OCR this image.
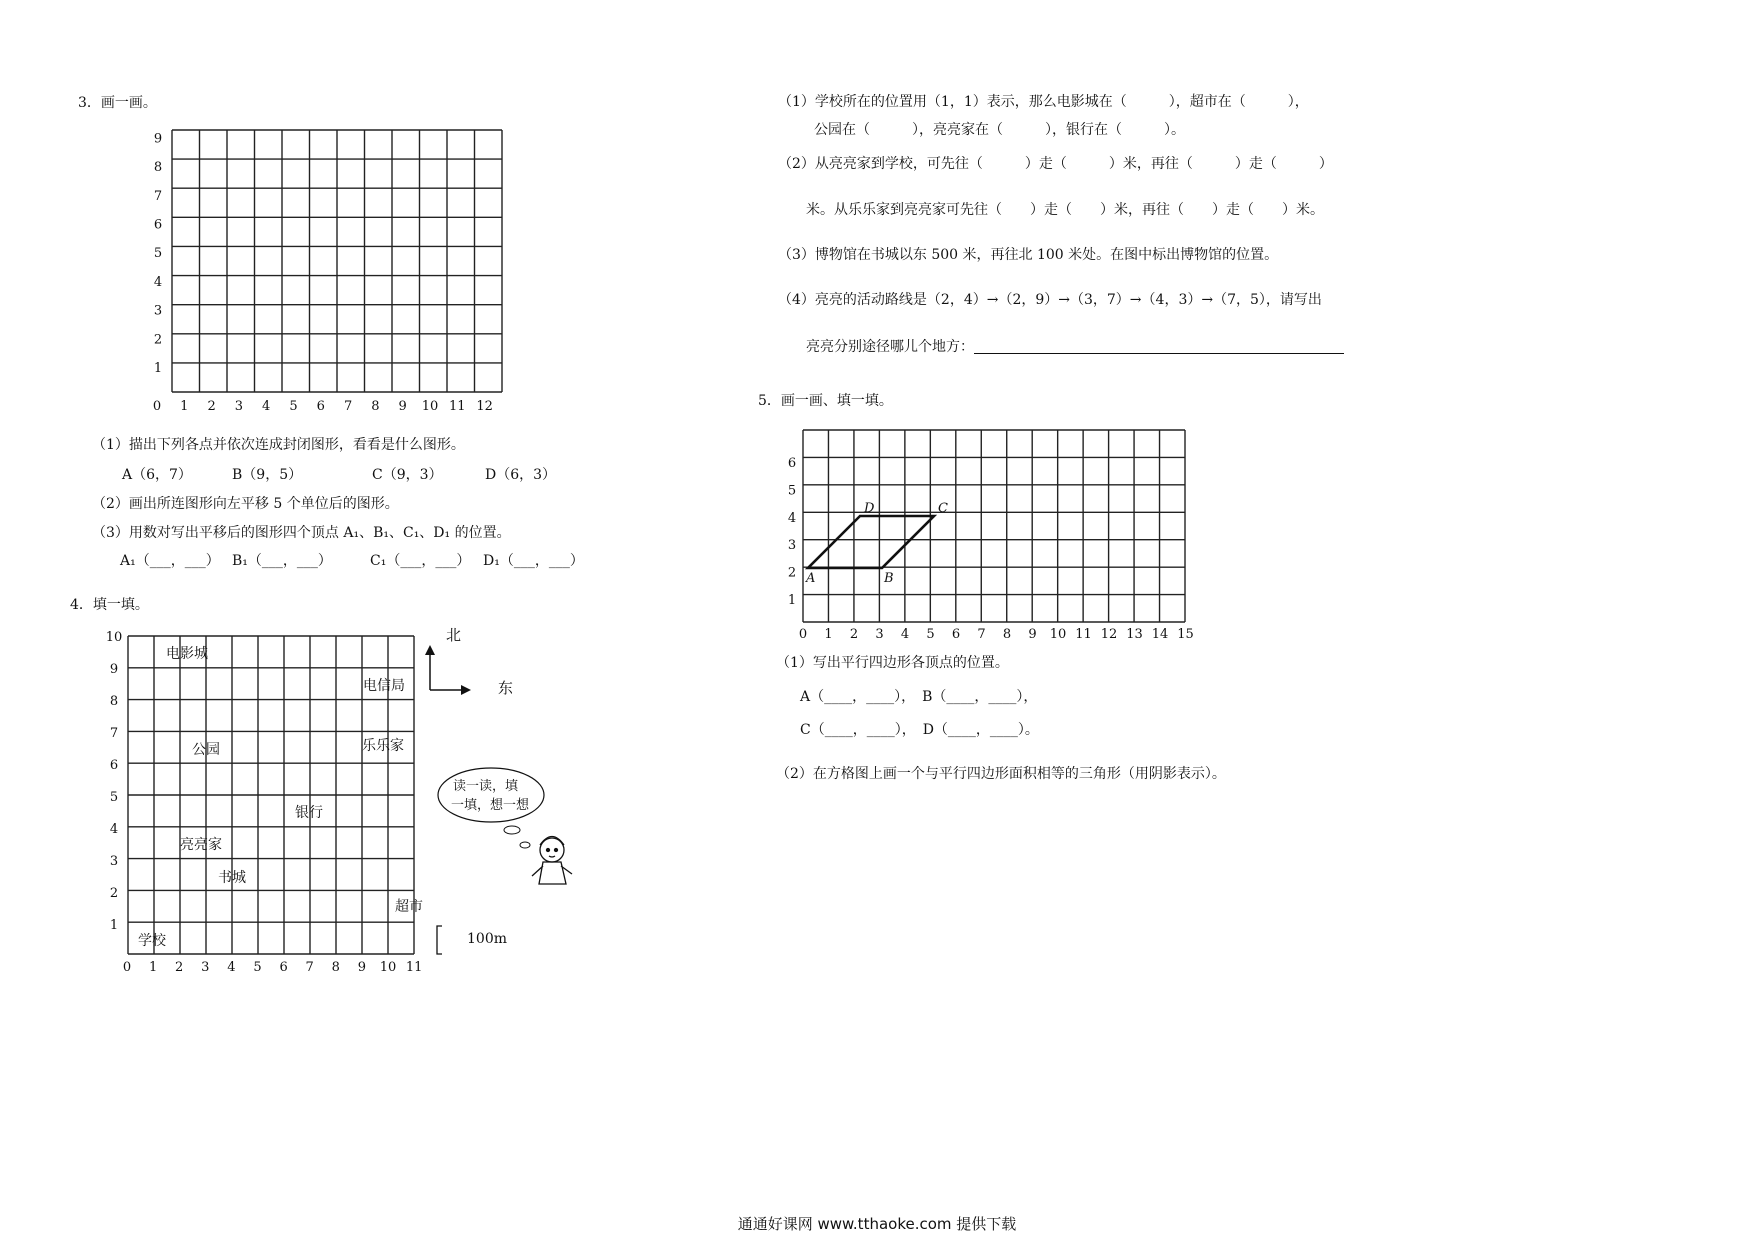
3．画一画。
0 1 2 3 4 5 6 7 8 9 10 11 12
1
2
3
4
5
6
7
8
9
（1）描出下列各点并依次连成封闭图形，看看是什么图形。
A（6，7）	B（9，5）	C（9，3）	D（6，3）
（2）画出所连图形向左平移 5 个单位后的图形。
（3）用数对写出平移后的图形四个顶点 A₁、B₁、C₁、D₁ 的位置。
A₁（___，___） B₁（___，___）	C₁（___，___） D₁（___，___）
4．填一填。
0 1 2 3 4 5 6 7 8 9 10 11
1
2
3
4
5
6
7
8
9
10
电影城
电信局
公园	乐乐家
银行
亮亮家
书城
超市
学校
北
东
100m
读一读，填
一填，想一想
（1）学校所在的位置用（1，1）表示，那么电影城在（　　　），超市在（　　　），
公园在（　　　），亮亮家在（　　　），银行在（　　　）。
（2）从亮亮家到学校，可先往（　　　）走（　　　）米，再往（　　　）走（　　　）
米。从乐乐家到亮亮家可先往（　　）走（　　）米，再往（　　）走（　　）米。
（3）博物馆在书城以东 500 米，再往北 100 米处。在图中标出博物馆的位置。
（4）亮亮的活动路线是（2，4）→（2，9）→（3，7）→（4，3）→（7，5），请写出
亮亮分别途径哪儿个地方：
5．画一画、填一填。
0 1 2 3 4 5 6 7 8 9 10 11 12 13 14 15
1
2
3
4
5
6
A	B
C
D
（1）写出平行四边形各顶点的位置。
A（____，____），　B（____，____），
C（____，____），　D（____，____）。
（2）在方格图上画一个与平行四边形面积相等的三角形（用阴影表示）。
通通好课网 www.tthaoke.com 提供下载
